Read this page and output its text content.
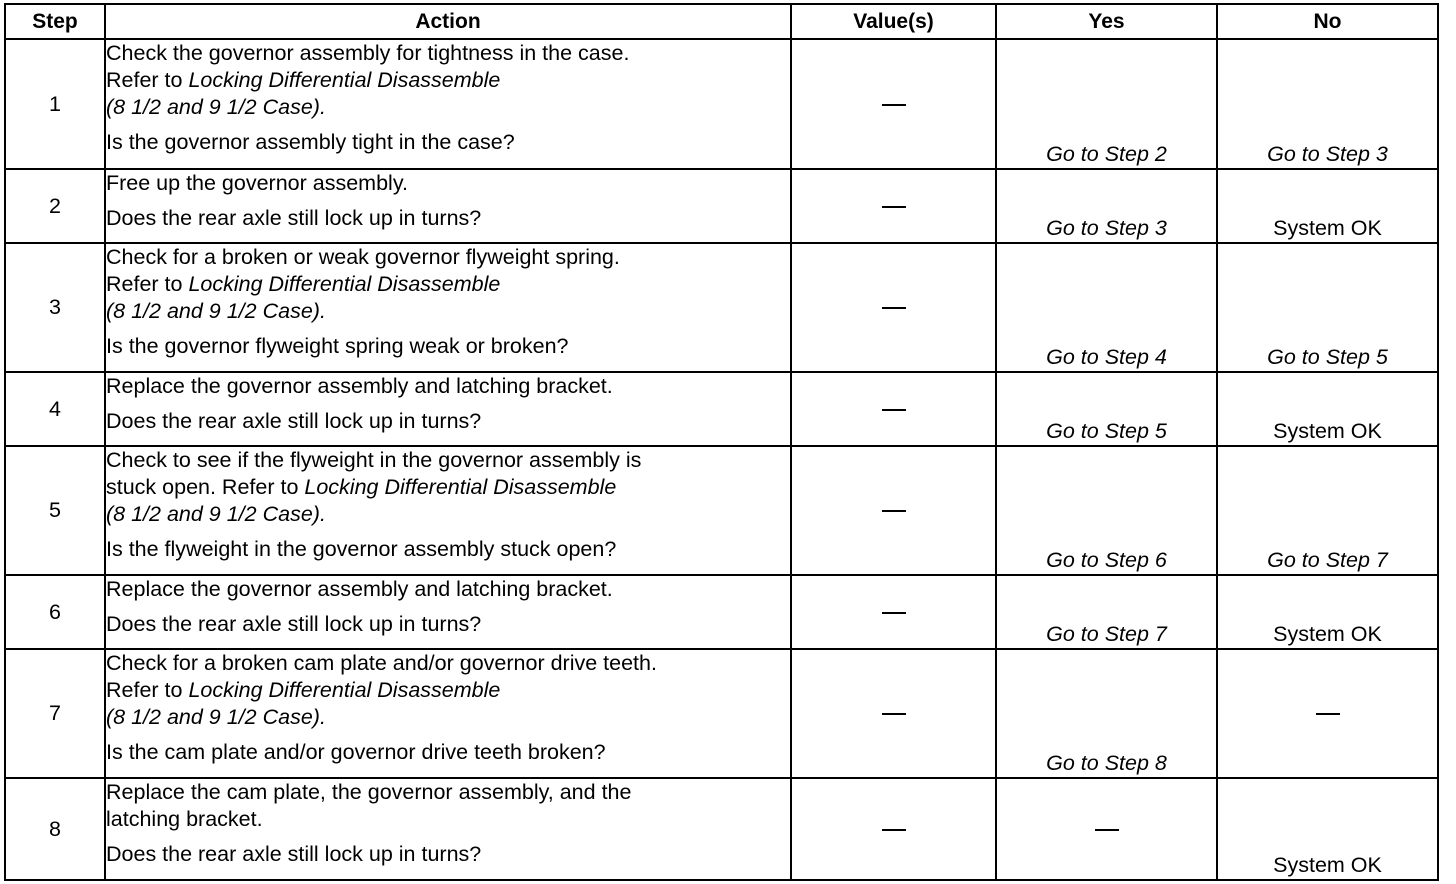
Step	Action	Value(s)	Yes	No
1	Check the governor assembly for tightness in the case.
Refer to Locking Differential Disassemble
(8 1/2 and 9 1/2 Case).
Is the governor assembly tight in the case?		Go to Step 2	Go to Step 3
2	Free up the governor assembly.
Does the rear axle still lock up in turns?		Go to Step 3	System OK
3	Check for a broken or weak governor flyweight spring.
Refer to Locking Differential Disassemble
(8 1/2 and 9 1/2 Case).
Is the governor flyweight spring weak or broken?		Go to Step 4	Go to Step 5
4	Replace the governor assembly and latching bracket.
Does the rear axle still lock up in turns?		Go to Step 5	System OK
5	Check to see if the flyweight in the governor assembly is
stuck open. Refer to Locking Differential Disassemble
(8 1/2 and 9 1/2 Case).
Is the flyweight in the governor assembly stuck open?		Go to Step 6	Go to Step 7
6	Replace the governor assembly and latching bracket.
Does the rear axle still lock up in turns?		Go to Step 7	System OK
7	Check for a broken cam plate and/or governor drive teeth.
Refer to Locking Differential Disassemble
(8 1/2 and 9 1/2 Case).
Is the cam plate and/or governor drive teeth broken?		Go to Step 8	
8	Replace the cam plate, the governor assembly, and the
latching bracket.
Does the rear axle still lock up in turns?			System OK
